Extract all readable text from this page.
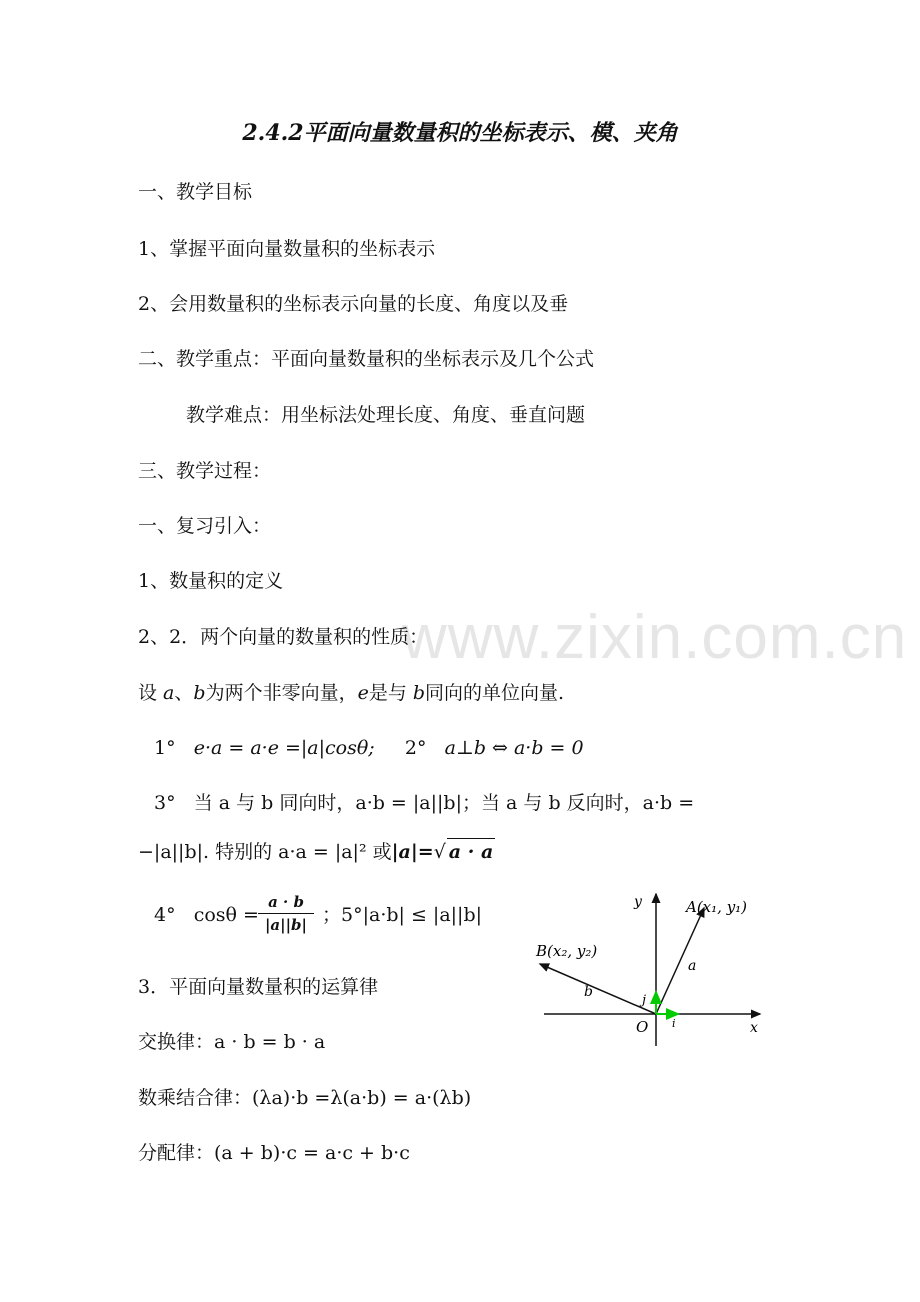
2.4.2平面向量数量积的坐标表示、模、夹角
www.zixin.com.cn
一、教学目标
1、掌握平面向量数量积的坐标表示
2、会用数量积的坐标表示向量的长度、角度以及垂
二、教学重点：平面向量数量积的坐标表示及几个公式
教学难点：用坐标法处理长度、角度、垂直问题
三、教学过程：
一、复习引入：
1、数量积的定义
2、2．两个向量的数量积的性质：
设 a、b为两个非零向量，e是与 b同向的单位向量.
1° e·a = a·e =|a|cosθ; 2° a⊥b ⇔ a·b = 0
3° 当 a 与 b 同向时，a·b = |a||b|；当 a 与 b 反向时，a·b =
−|a||b|. 特别的 a·a = |a|² 或|a|=√ a · a
4° $\cos\theta = \frac{a \cdot b}{|a||b|}$ ；5°|a·b| ≤ |a||b|
3．平面向量数量积的运算律
交换律：a · b = b · a
数乘结合律：(λa)·b =λ(a·b) = a·(λb)
分配律：(a + b)·c = a·c + b·c
x
y
O
A(x₁, y₁)
B(x₂, y₂)
a
b
i
j
